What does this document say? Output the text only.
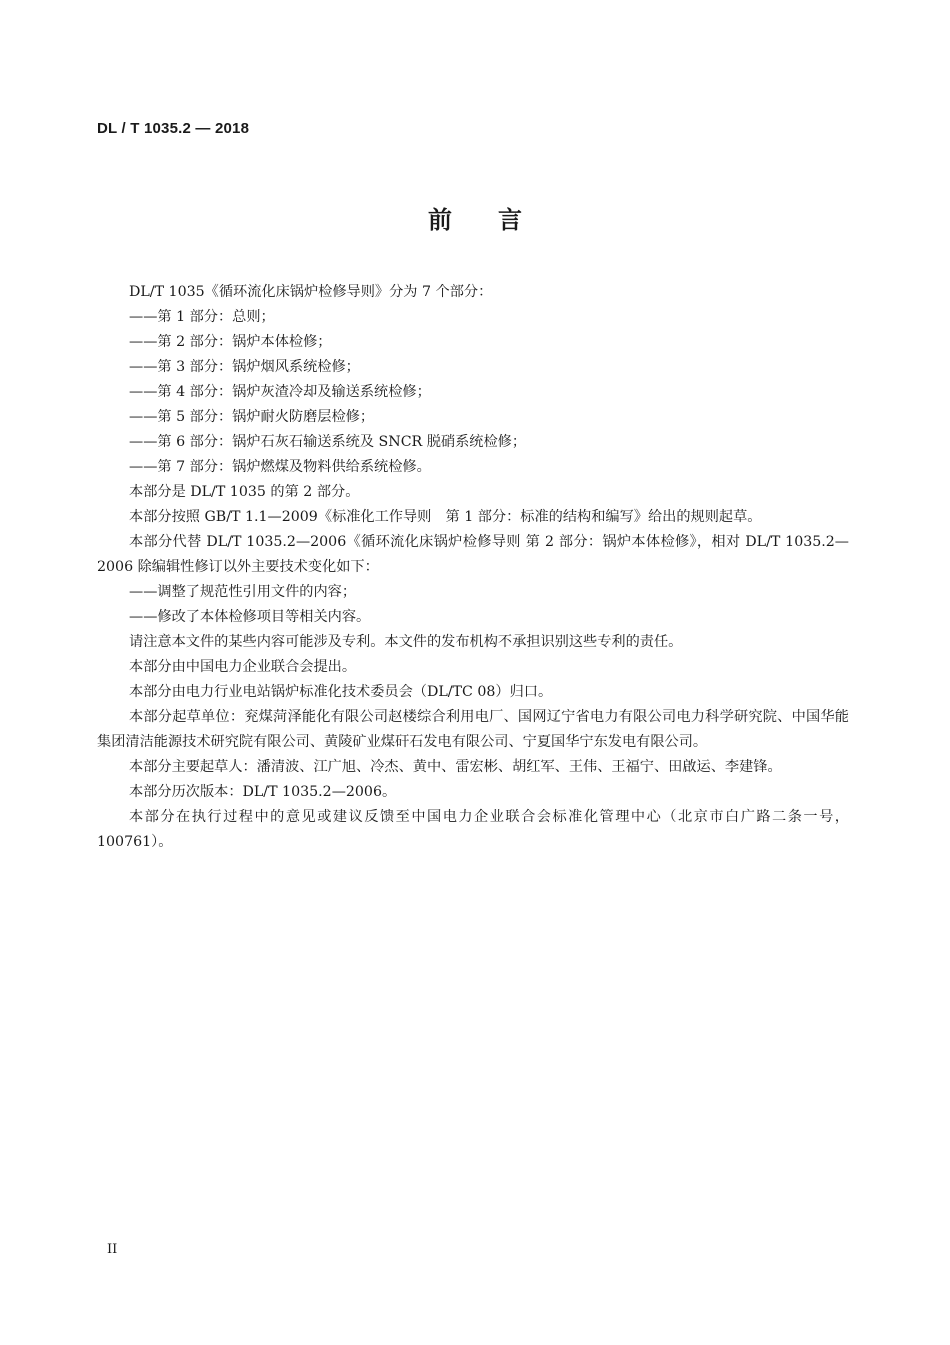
DL / T 1035.2 — 2018
前言

DL/T 1035《循环流化床锅炉检修导则》分为 7 个部分：

——第 1 部分：总则；

——第 2 部分：锅炉本体检修；

——第 3 部分：锅炉烟风系统检修；

——第 4 部分：锅炉灰渣冷却及输送系统检修；

——第 5 部分：锅炉耐火防磨层检修；

——第 6 部分：锅炉石灰石输送系统及 SNCR 脱硝系统检修；

——第 7 部分：锅炉燃煤及物料供给系统检修。

本部分是 DL/T 1035 的第 2 部分。

本部分按照 GB/T 1.1—2009《标准化工作导则　第 1 部分：标准的结构和编写》给出的规则起草。

本部分代替 DL/T 1035.2—2006《循环流化床锅炉检修导则 第 2 部分：锅炉本体检修》，相对 DL/T 1035.2—2006 除编辑性修订以外主要技术变化如下：

——调整了规范性引用文件的内容；

——修改了本体检修项目等相关内容。

请注意本文件的某些内容可能涉及专利。本文件的发布机构不承担识别这些专利的责任。

本部分由中国电力企业联合会提出。

本部分由电力行业电站锅炉标准化技术委员会（DL/TC 08）归口。

本部分起草单位：兖煤菏泽能化有限公司赵楼综合利用电厂、国网辽宁省电力有限公司电力科学研究院、中国华能集团清洁能源技术研究院有限公司、黄陵矿业煤矸石发电有限公司、宁夏国华宁东发电有限公司。

本部分主要起草人：潘清波、江广旭、冷杰、黄中、雷宏彬、胡红军、王伟、王福宁、田啟运、李建锋。

本部分历次版本：DL/T 1035.2—2006。

本部分在执行过程中的意见或建议反馈至中国电力企业联合会标准化管理中心（北京市白广路二条一号，100761）。

II
